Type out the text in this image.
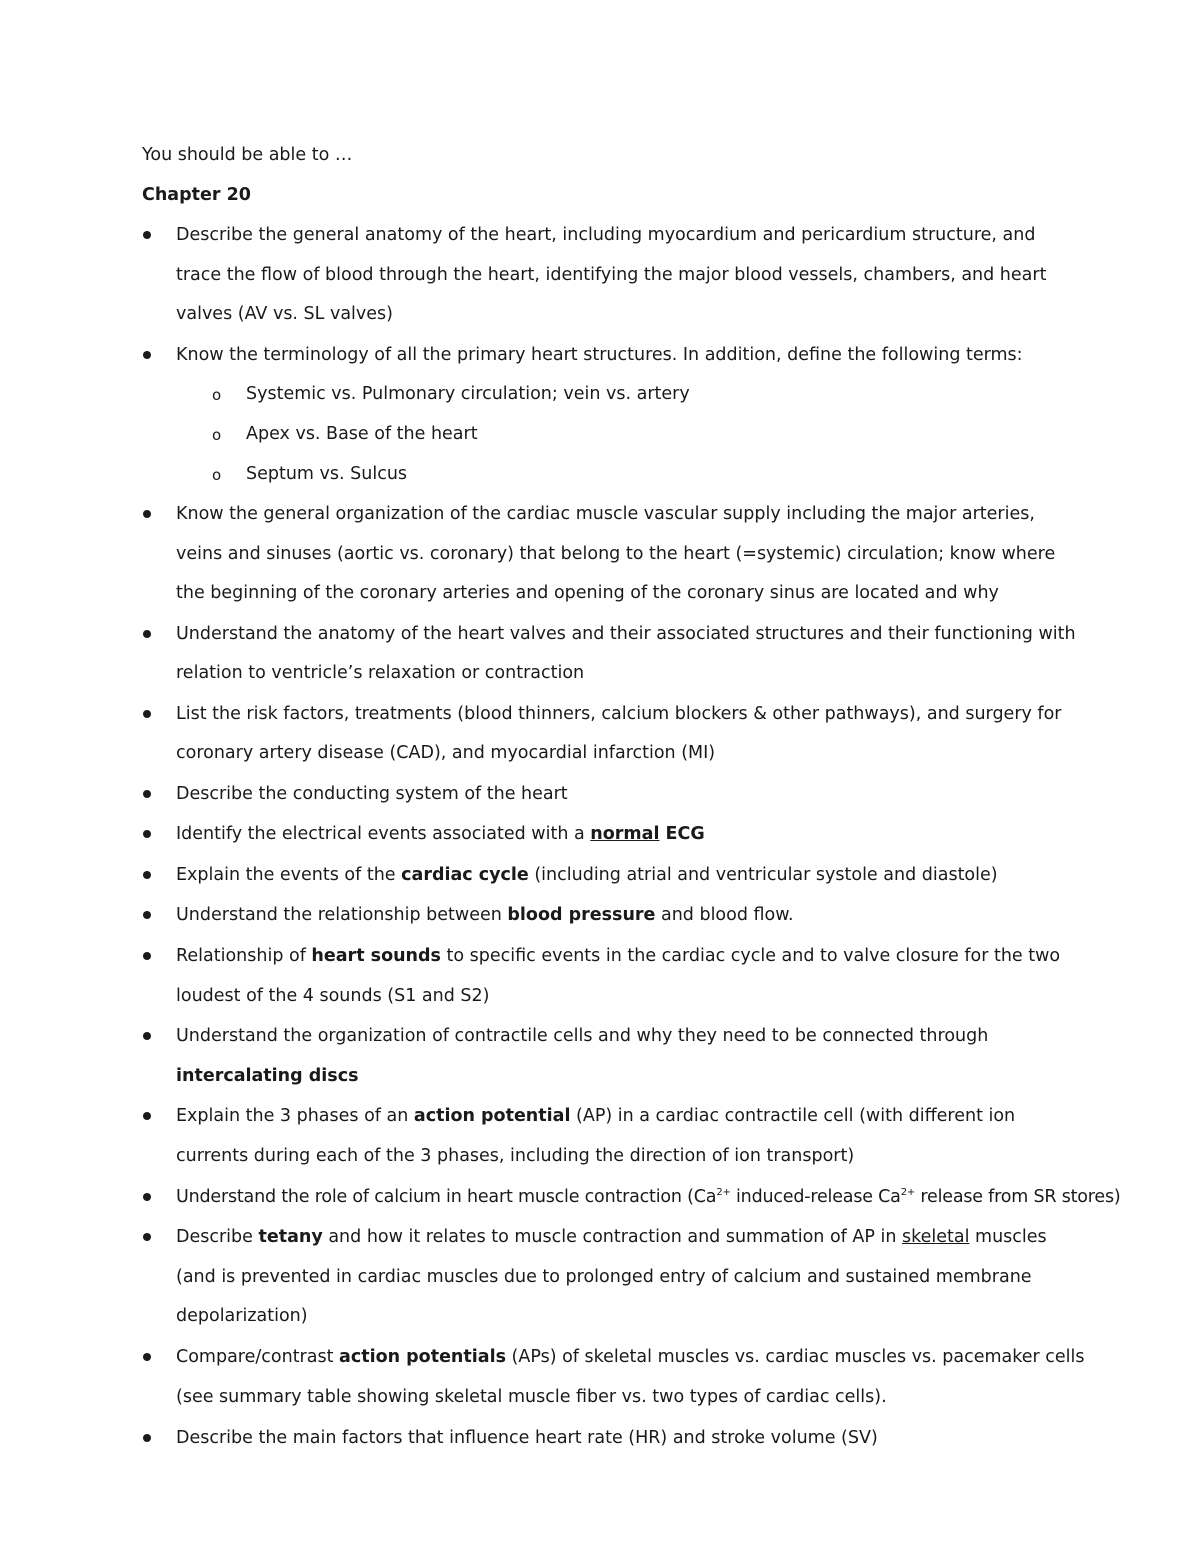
You should be able to …
Chapter 20
Describe the general anatomy of the heart, including myocardium and pericardium structure, and
trace the flow of blood through the heart, identifying the major blood vessels, chambers, and heart
valves (AV vs. SL valves)
Know the terminology of all the primary heart structures. In addition, define the following terms:
o Systemic vs. Pulmonary circulation; vein vs. artery
o Apex vs. Base of the heart
o Septum vs. Sulcus
Know the general organization of the cardiac muscle vascular supply including the major arteries,
veins and sinuses (aortic vs. coronary) that belong to the heart (=systemic) circulation; know where
the beginning of the coronary arteries and opening of the coronary sinus are located and why
Understand the anatomy of the heart valves and their associated structures and their functioning with
relation to ventricle’s relaxation or contraction
List the risk factors, treatments (blood thinners, calcium blockers & other pathways), and surgery for
coronary artery disease (CAD), and myocardial infarction (MI)
Describe the conducting system of the heart
Identify the electrical events associated with a normal ECG
Explain the events of the cardiac cycle (including atrial and ventricular systole and diastole)
Understand the relationship between blood pressure and blood flow.
Relationship of heart sounds to specific events in the cardiac cycle and to valve closure for the two
loudest of the 4 sounds (S1 and S2)
Understand the organization of contractile cells and why they need to be connected through
intercalating discs
Explain the 3 phases of an action potential (AP) in a cardiac contractile cell (with different ion
currents during each of the 3 phases, including the direction of ion transport)
Understand the role of calcium in heart muscle contraction ($Ca^{2+}$ induced-release $Ca^{2+}$ release from SR stores)
Describe tetany and how it relates to muscle contraction and summation of AP in skeletal muscles
(and is prevented in cardiac muscles due to prolonged entry of calcium and sustained membrane
depolarization)
Compare/contrast action potentials (APs) of skeletal muscles vs. cardiac muscles vs. pacemaker cells
(see summary table showing skeletal muscle fiber vs. two types of cardiac cells).
Describe the main factors that influence heart rate (HR) and stroke volume (SV)
